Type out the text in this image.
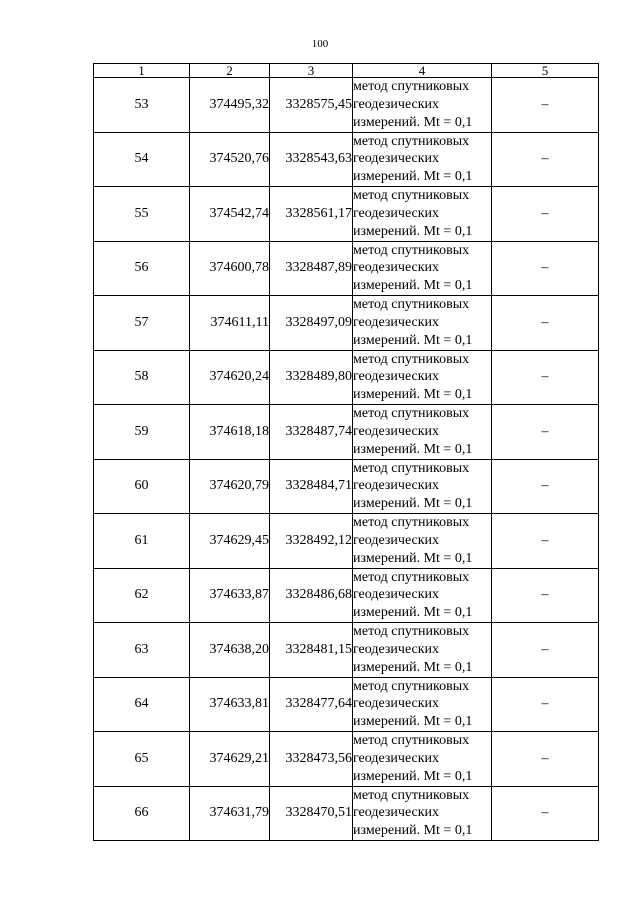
100
1	2	3	4	5
53	374495,32	3328575,45	метод спутниковых
геодезических
измерений. Mt = 0,1	–
54	374520,76	3328543,63	метод спутниковых
геодезических
измерений. Mt = 0,1	–
55	374542,74	3328561,17	метод спутниковых
геодезических
измерений. Mt = 0,1	–
56	374600,78	3328487,89	метод спутниковых
геодезических
измерений. Mt = 0,1	–
57	374611,11	3328497,09	метод спутниковых
геодезических
измерений. Mt = 0,1	–
58	374620,24	3328489,80	метод спутниковых
геодезических
измерений. Mt = 0,1	–
59	374618,18	3328487,74	метод спутниковых
геодезических
измерений. Mt = 0,1	–
60	374620,79	3328484,71	метод спутниковых
геодезических
измерений. Mt = 0,1	–
61	374629,45	3328492,12	метод спутниковых
геодезических
измерений. Mt = 0,1	–
62	374633,87	3328486,68	метод спутниковых
геодезических
измерений. Mt = 0,1	–
63	374638,20	3328481,15	метод спутниковых
геодезических
измерений. Mt = 0,1	–
64	374633,81	3328477,64	метод спутниковых
геодезических
измерений. Mt = 0,1	–
65	374629,21	3328473,56	метод спутниковых
геодезических
измерений. Mt = 0,1	–
66	374631,79	3328470,51	метод спутниковых
геодезических
измерений. Mt = 0,1	–
